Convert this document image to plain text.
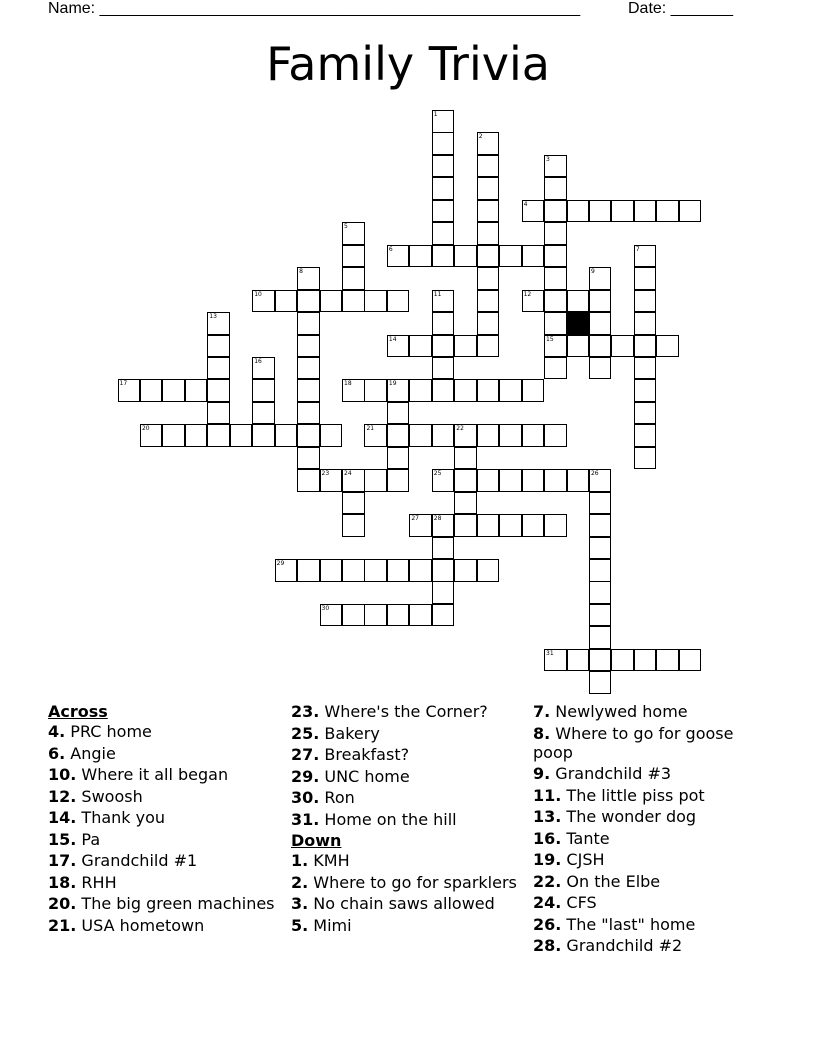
Name: ______________________________________________________	Date: _______
Family Trivia
1
2
3
15
4
5
6	7
8	9
10	11	12
13
14
16
17	18	19
20	21	22
23 24	25	26
27 28
29
30
31
Across
4. PRC home
6. Angie
10. Where it all began
12. Swoosh
14. Thank you
15. Pa
17. Grandchild #1
18. RHH
20. The big green machines
21. USA hometown
23. Where's the Corner?
25. Bakery
27. Breakfast?
29. UNC home
30. Ron
31. Home on the hill
Down
1. KMH
2. Where to go for sparklers
3. No chain saws allowed
5. Mimi
7. Newlywed home
8. Where to go for goose poop
9. Grandchild #3
11. The little piss pot
13. The wonder dog
16. Tante
19. CJSH
22. On the Elbe
24. CFS
26. The "last" home
28. Grandchild #2
